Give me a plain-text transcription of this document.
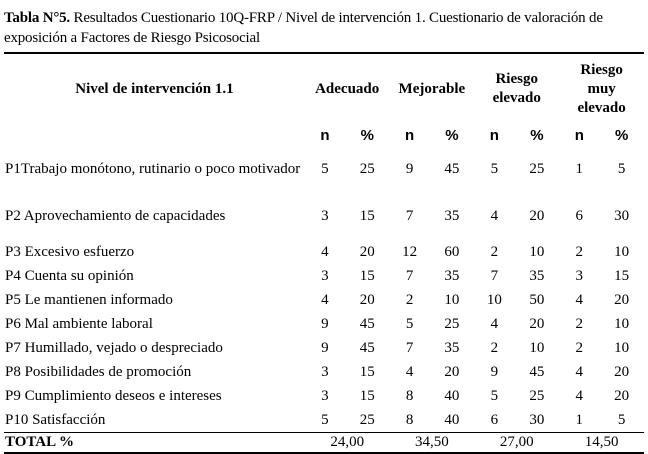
Tabla N°5. Resultados Cuestionario 10Q-FRP / Nivel de intervención 1. Cuestionario de valoración de exposición a Factores de Riesgo Psicosocial
Nivel de intervención 1.1	Adecuado		Mejorable		Riesgo elevado		Riesgo muy elevado	
	n	%	n	%	n	%	n	%
P1Trabajo monótono, rutinario o poco motivador	5	25	9	45	5	25	1	5
P2 Aprovechamiento de capacidades	3	15	7	35	4	20	6	30
P3 Excesivo esfuerzo	4	20	12	60	2	10	2	10
P4 Cuenta su opinión	3	15	7	35	7	35	3	15
P5 Le mantienen informado	4	20	2	10	10	50	4	20
P6 Mal ambiente laboral	9	45	5	25	4	20	2	10
P7 Humillado, vejado o despreciado	9	45	7	35	2	10	2	10
P8 Posibilidades de promoción	3	15	4	20	9	45	4	20
P9 Cumplimiento deseos e intereses	3	15	8	40	5	25	4	20
P10 Satisfacción	5	25	8	40	6	30	1	5
TOTAL %	24,00		34,50		27,00		14,50	
